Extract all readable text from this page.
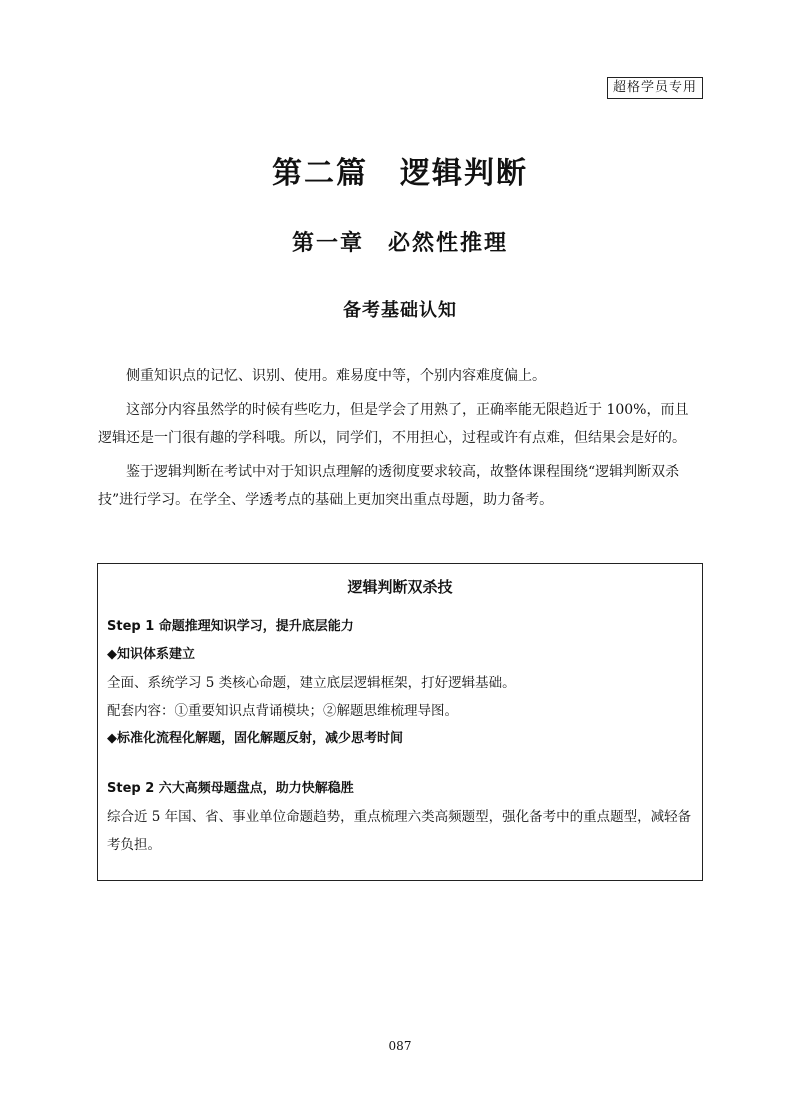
超格学员专用
第二篇　逻辑判断
第一章　必然性推理
备考基础认知

侧重知识点的记忆、识别、使用。难易度中等，个别内容难度偏上。

这部分内容虽然学的时候有些吃力，但是学会了用熟了，正确率能无限趋近于 100%，而且逻辑还是一门很有趣的学科哦。所以，同学们，不用担心，过程或许有点难，但结果会是好的。

鉴于逻辑判断在考试中对于知识点理解的透彻度要求较高，故整体课程围绕“逻辑判断双杀技”进行学习。在学全、学透考点的基础上更加突出重点母题，助力备考。

逻辑判断双杀技
Step 1 命题推理知识学习，提升底层能力
◆知识体系建立
全面、系统学习 5 类核心命题，建立底层逻辑框架，打好逻辑基础。
配套内容：①重要知识点背诵模块；②解题思维梳理导图。
◆标准化流程化解题，固化解题反射，减少思考时间
Step 2 六大高频母题盘点，助力快解稳胜
综合近 5 年国、省、事业单位命题趋势，重点梳理六类高频题型，强化备考中的重点题型，减轻备考负担。
087
